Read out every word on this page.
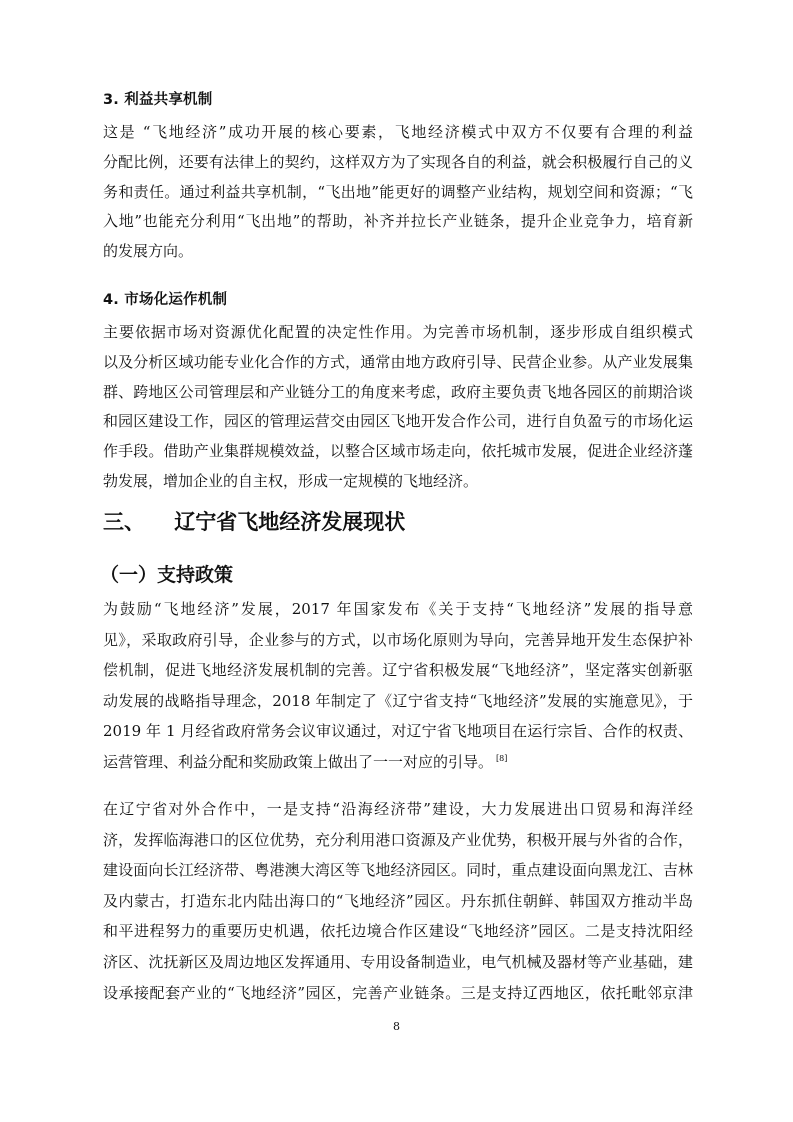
3. 利益共享机制
这是 “飞地经济”成功开展的核心要素，飞地经济模式中双方不仅要有合理的利益
分配比例，还要有法律上的契约，这样双方为了实现各自的利益，就会积极履行自己的义
务和责任。通过利益共享机制，“飞出地”能更好的调整产业结构，规划空间和资源；“飞
入地”也能充分利用“飞出地”的帮助，补齐并拉长产业链条，提升企业竞争力，培育新
的发展方向。
4. 市场化运作机制
主要依据市场对资源优化配置的决定性作用。为完善市场机制，逐步形成自组织模式
以及分析区域功能专业化合作的方式，通常由地方政府引导、民营企业参。从产业发展集
群、跨地区公司管理层和产业链分工的角度来考虑，政府主要负责飞地各园区的前期洽谈
和园区建设工作，园区的管理运营交由园区飞地开发合作公司，进行自负盈亏的市场化运
作手段。借助产业集群规模效益，以整合区域市场走向，依托城市发展，促进企业经济蓬
勃发展，增加企业的自主权，形成一定规模的飞地经济。
三、    辽宁省飞地经济发展现状
（一）支持政策
为鼓励“飞地经济”发展，2017 年国家发布《关于支持“飞地经济”发展的指导意
见》，采取政府引导，企业参与的方式，以市场化原则为导向，完善异地开发生态保护补
偿机制，促进飞地经济发展机制的完善。辽宁省积极发展“飞地经济”，坚定落实创新驱
动发展的战略指导理念，2018 年制定了《辽宁省支持“飞地经济”发展的实施意见》，于
2019 年 1 月经省政府常务会议审议通过，对辽宁省飞地项目在运行宗旨、合作的权责、
运营管理、利益分配和奖励政策上做出了一一对应的引导。 [8]
在辽宁省对外合作中，一是支持“沿海经济带”建设，大力发展进出口贸易和海洋经
济，发挥临海港口的区位优势，充分利用港口资源及产业优势，积极开展与外省的合作，
建设面向长江经济带、粤港澳大湾区等飞地经济园区。同时，重点建设面向黑龙江、吉林
及内蒙古，打造东北内陆出海口的“飞地经济”园区。丹东抓住朝鲜、韩国双方推动半岛
和平进程努力的重要历史机遇，依托边境合作区建设“飞地经济”园区。二是支持沈阳经
济区、沈抚新区及周边地区发挥通用、专用设备制造业，电气机械及器材等产业基础，建
设承接配套产业的“飞地经济”园区，完善产业链条。三是支持辽西地区，依托毗邻京津
8
